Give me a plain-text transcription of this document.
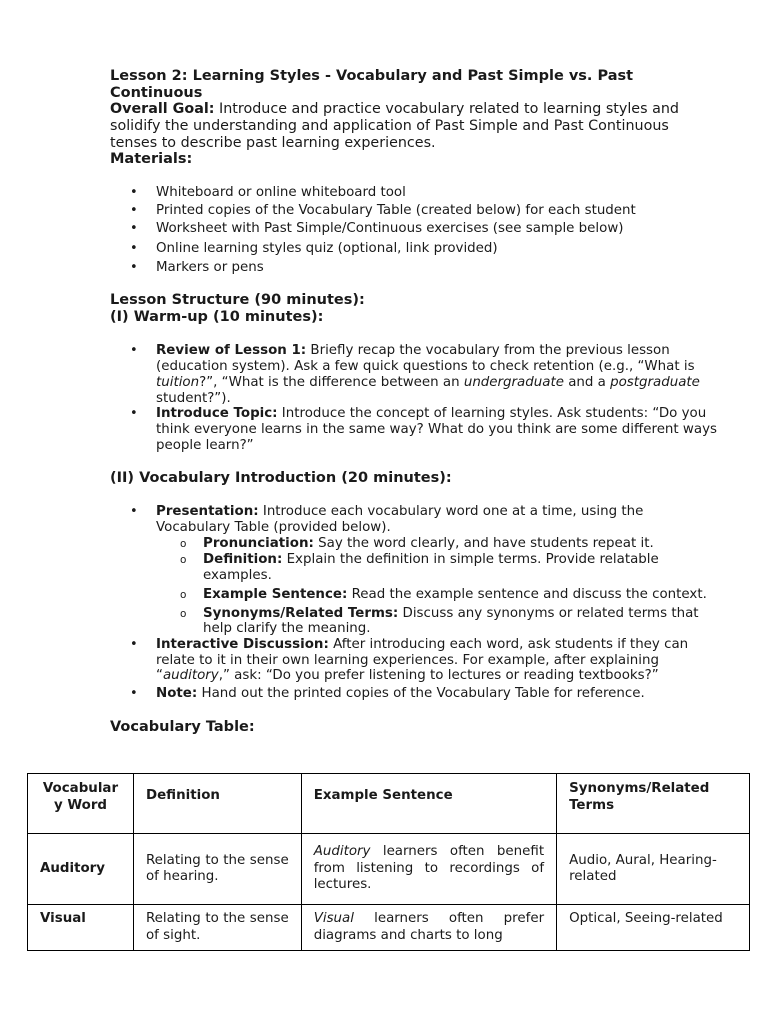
Lesson 2: Learning Styles - Vocabulary and Past Simple vs. Past Continuous

Overall Goal: Introduce and practice vocabulary related to learning styles and solidify the understanding and application of Past Simple and Past Continuous tenses to describe past learning experiences.

Materials:

• Whiteboard or online whiteboard tool
• Printed copies of the Vocabulary Table (created below) for each student
• Worksheet with Past Simple/Continuous exercises (see sample below)
• Online learning styles quiz (optional, link provided)
• Markers or pens

Lesson Structure (90 minutes):

(I) Warm-up (10 minutes):

• Review of Lesson 1: Briefly recap the vocabulary from the previous lesson (education system). Ask a few quick questions to check retention (e.g., “What is tuition?”, “What is the difference between an undergraduate and a postgraduate student?”).
• Introduce Topic: Introduce the concept of learning styles. Ask students: “Do you think everyone learns in the same way? What do you think are some different ways people learn?”

(II) Vocabulary Introduction (20 minutes):

• Presentation: Introduce each vocabulary word one at a time, using the Vocabulary Table (provided below).
o Pronunciation: Say the word clearly, and have students repeat it.
o Definition: Explain the definition in simple terms. Provide relatable examples.
o Example Sentence: Read the example sentence and discuss the context.
o Synonyms/Related Terms: Discuss any synonyms or related terms that help clarify the meaning.
• Interactive Discussion: After introducing each word, ask students if they can relate to it in their own learning experiences. For example, after explaining “auditory,” ask: “Do you prefer listening to lectures or reading textbooks?”
• Note: Hand out the printed copies of the Vocabulary Table for reference.

Vocabulary Table:

Vocabular y Word	Definition	Example Sentence	Synonyms/Related Terms
Auditory	Relating to the sense of hearing.	Auditory learners often benefit from listening to recordings of lectures.	Audio, Aural, Hearing-related
Visual	Relating to the sense of sight.	Visual learners often prefer diagrams and charts to long	Optical, Seeing-related
